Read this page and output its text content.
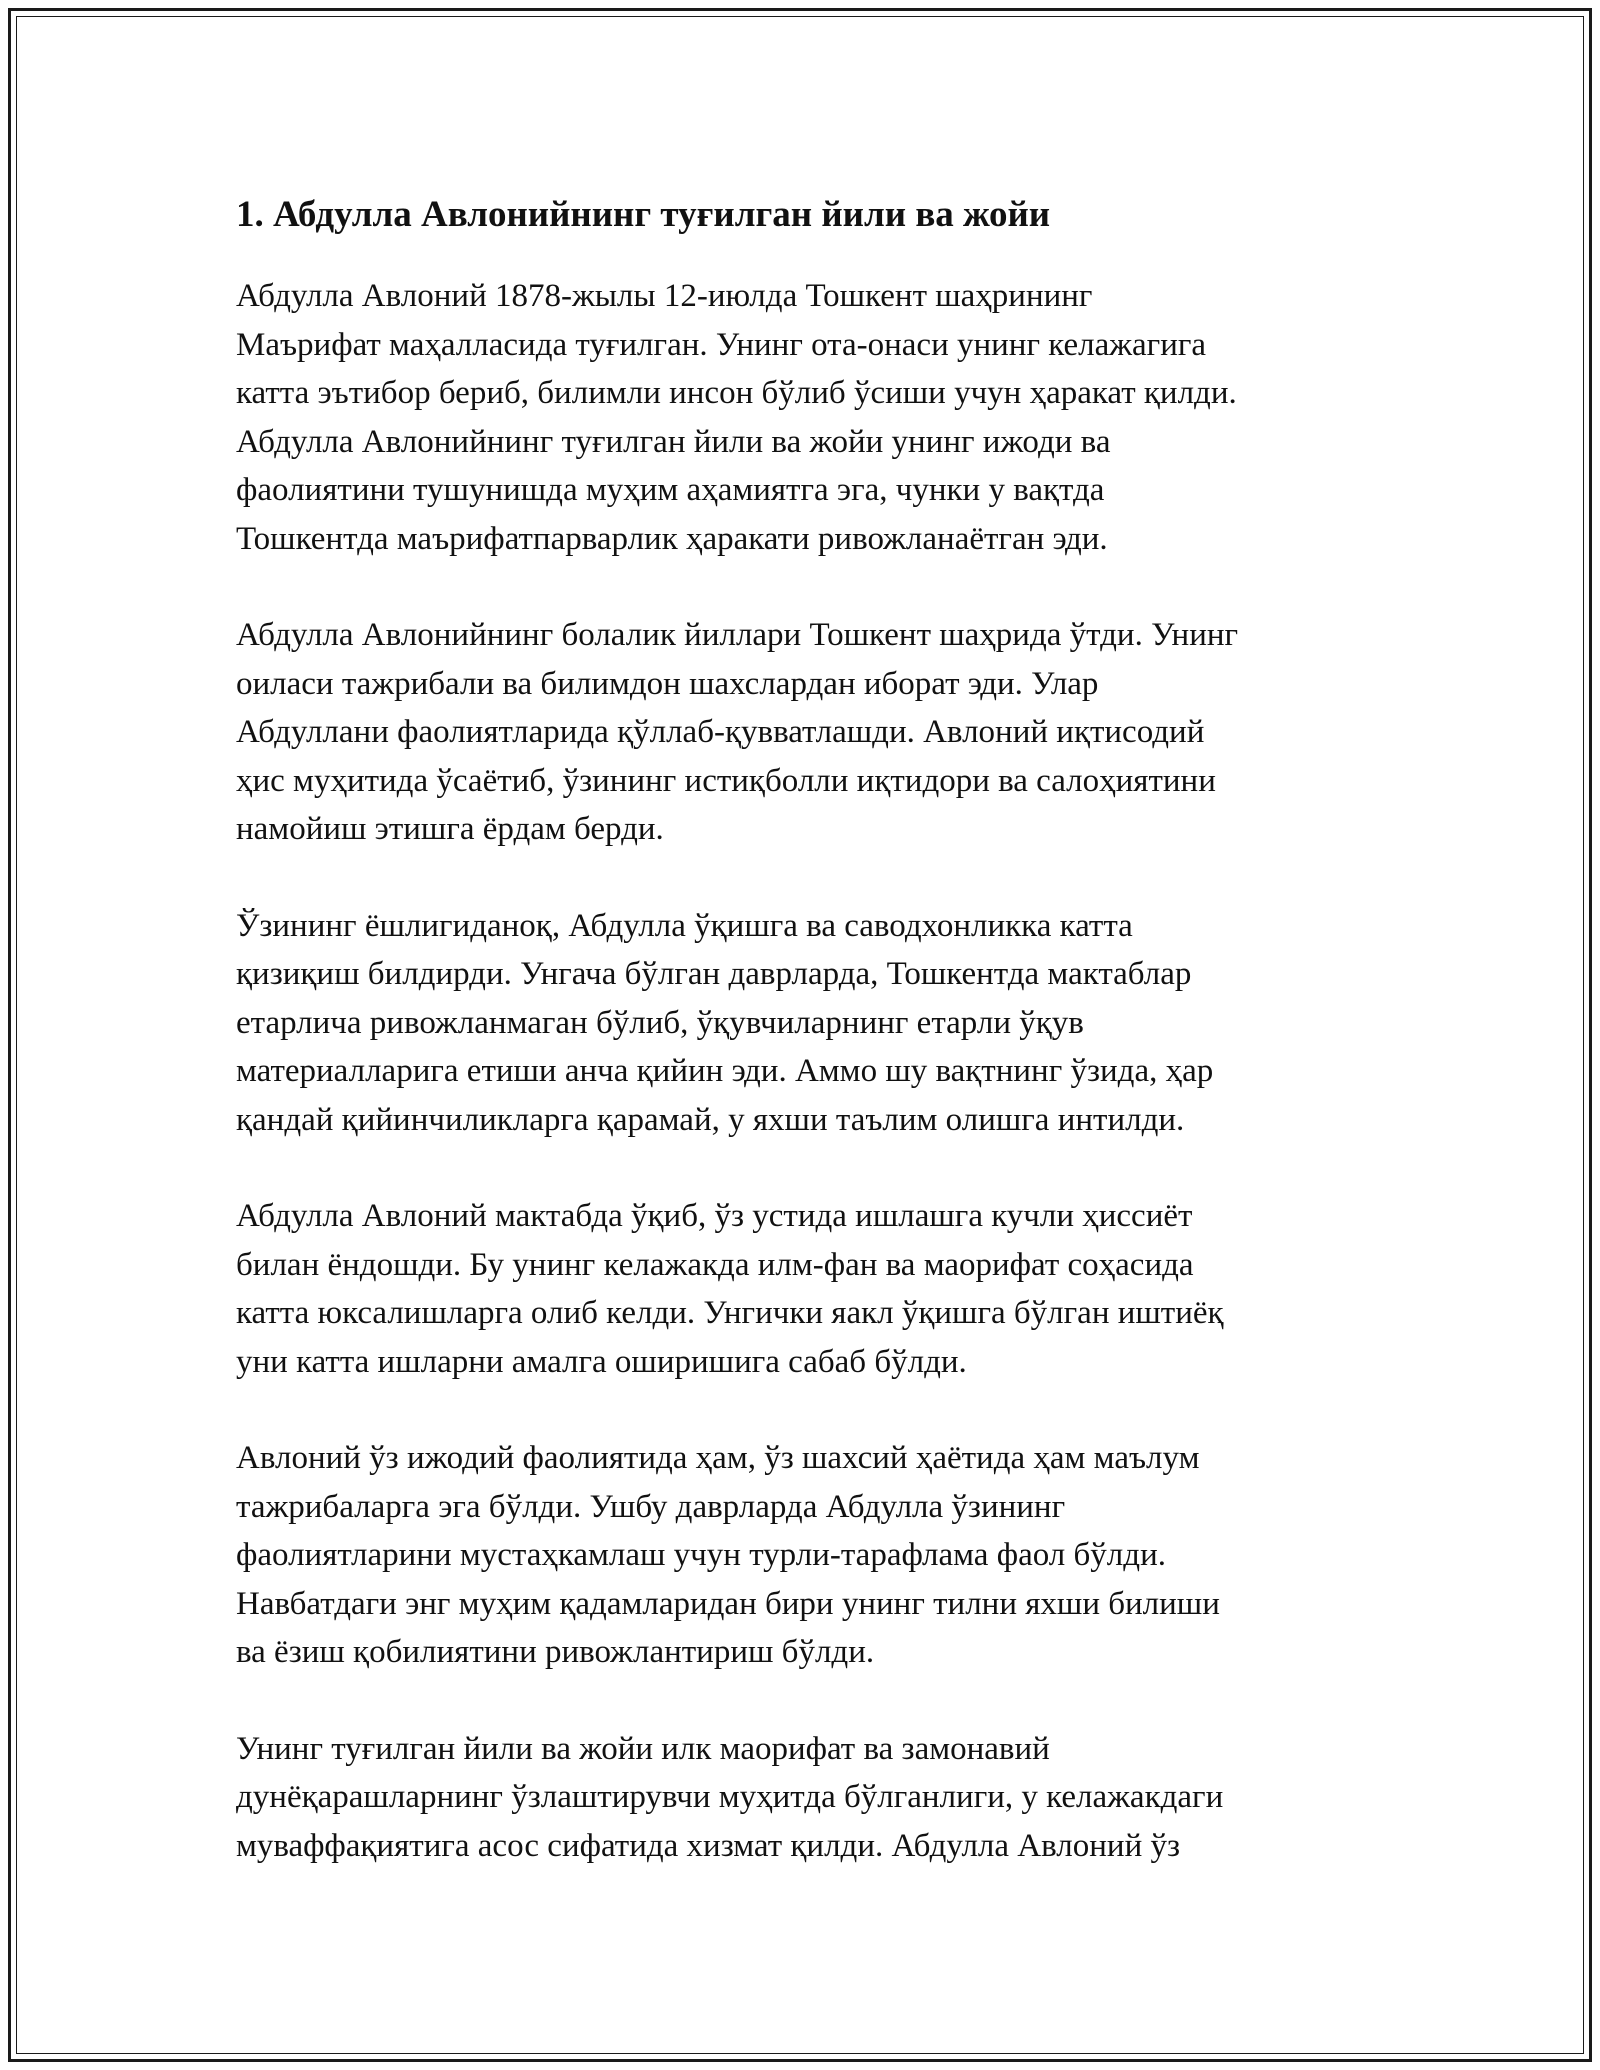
1. Абдулла Авлонийнинг туғилган йили ва жойи

Абдулла Авлоний 1878-жылы 12-июлда Тошкент шаҳрининг
Маърифат маҳалласида туғилган. Унинг ота-онаси унинг келажагига
катта эътибор бериб, билимли инсон бўлиб ўсиши учун ҳаракат қилди.
Абдулла Авлонийнинг туғилган йили ва жойи унинг ижоди ва
фаолиятини тушунишда муҳим аҳамиятга эга, чунки у вақтда
Тошкентда маърифатпарварлик ҳаракати ривожланаётган эди.

Абдулла Авлонийнинг болалик йиллари Тошкент шаҳрида ўтди. Унинг
оиласи тажрибали ва билимдон шахслардан иборат эди. Улар
Абдуллани фаолиятларида қўллаб-қувватлашди. Авлоний иқтисодий
ҳис муҳитида ўсаётиб, ўзининг истиқболли иқтидори ва салоҳиятини
намойиш этишга ёрдам берди.

Ўзининг ёшлигиданоқ, Абдулла ўқишга ва саводхонликка катта
қизиқиш билдирди. Унгача бўлган даврларда, Тошкентда мактаблар
етарлича ривожланмаган бўлиб, ўқувчиларнинг етарли ўқув
материалларига етиши анча қийин эди. Аммо шу вақтнинг ўзида, ҳар
қандай қийинчиликларга қарамай, у яхши таълим олишга интилди.

Абдулла Авлоний мактабда ўқиб, ўз устида ишлашга кучли ҳиссиёт
билан ёндошди. Бу унинг келажакда илм-фан ва маорифат соҳасида
катта юксалишларга олиб келди. Унгички яакл ўқишга бўлган иштиёқ
уни катта ишларни амалга оширишига сабаб бўлди.

Авлоний ўз ижодий фаолиятида ҳам, ўз шахсий ҳаётида ҳам маълум
тажрибаларга эга бўлди. Ушбу даврларда Абдулла ўзининг
фаолиятларини мустаҳкамлаш учун турли-тарафлама фаол бўлди.
Навбатдаги энг муҳим қадамларидан бири унинг тилни яхши билиши
ва ёзиш қобилиятини ривожлантириш бўлди.

Унинг туғилган йили ва жойи илк маорифат ва замонавий
дунёқарашларнинг ўзлаштирувчи муҳитда бўлганлиги, у келажакдаги
муваффақиятига асос сифатида хизмат қилди. Абдулла Авлоний ўз
